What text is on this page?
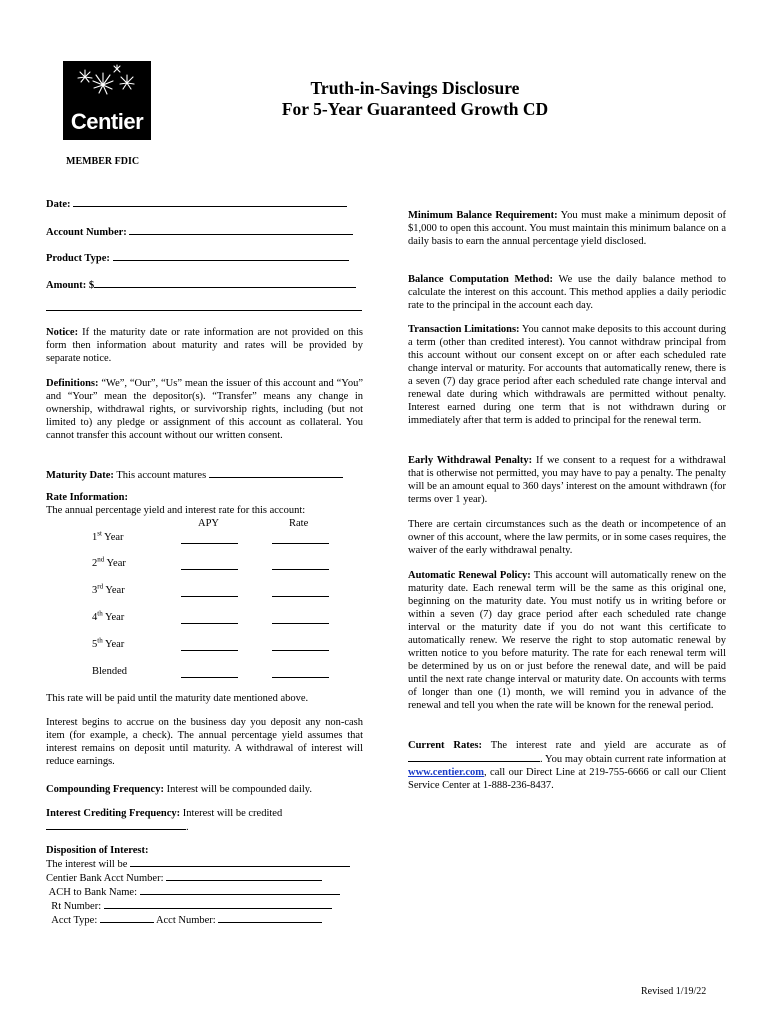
Centier
MEMBER FDIC
Truth-in-Savings Disclosure
For 5-Year Guaranteed Growth CD
Date:
Account Number:
Product Type:
Amount: $

Notice: If the maturity date or rate information are not provided on this form then information about maturity and rates will be provided by separate notice.

Definitions: “We”, “Our”, “Us” mean the issuer of this account and “You” and “Your” mean the depositor(s). “Transfer” means any change in ownership, withdrawal rights, or survivorship rights, including (but not limited to) any pledge or assignment of this account as collateral. You cannot transfer this account without our written consent.

Maturity Date: This account matures
Rate Information:
The annual percentage yield and interest rate for this account:
APY	Rate
1st Year
2nd Year
3rd Year
4th Year
5th Year
Blended

This rate will be paid until the maturity date mentioned above.

Interest begins to accrue on the business day you deposit any non-cash item (for example, a check). The annual percentage yield assumes that interest remains on deposit until maturity. A withdrawal of interest will reduce earnings.

Compounding Frequency: Interest will be compounded daily.
Interest Crediting Frequency: Interest will be credited
.
Disposition of Interest:
The interest will be
Centier Bank Acct Number:
ACH to Bank Name:
Rt Number:
Acct Type:	Acct Number:

Minimum Balance Requirement: You must make a minimum deposit of $1,000 to open this account. You must maintain this minimum balance on a daily basis to earn the annual percentage yield disclosed.

Balance Computation Method: We use the daily balance method to calculate the interest on this account. This method applies a daily periodic rate to the principal in the account each day.

Transaction Limitations: You cannot make deposits to this account during a term (other than credited interest). You cannot withdraw principal from this account without our consent except on or after each scheduled rate change interval or maturity. For accounts that automatically renew, there is a seven (7) day grace period after each scheduled rate change interval and renewal date during which withdrawals are permitted without penalty. Interest earned during one term that is not withdrawn during or immediately after that term is added to principal for the renewal term.

Early Withdrawal Penalty: If we consent to a request for a withdrawal that is otherwise not permitted, you may have to pay a penalty. The penalty will be an amount equal to 360 days’ interest on the amount withdrawn (for terms over 1 year).

There are certain circumstances such as the death or incompetence of an owner of this account, where the law permits, or in some cases requires, the waiver of the early withdrawal penalty.

Automatic Renewal Policy: This account will automatically renew on the maturity date. Each renewal term will be the same as this original one, beginning on the maturity date. You must notify us in writing before or within a seven (7) day grace period after each scheduled rate change interval or the maturity date if you do not want this certificate to automatically renew. We reserve the right to stop automatic renewal by written notice to you before maturity. The rate for each renewal term will be determined by us on or just before the renewal date, and will be paid until the next rate change interval or maturity date. On accounts with terms of longer than one (1) month, we will remind you in advance of the renewal and tell you when the rate will be known for the renewal period.

Current Rates: The interest rate and yield are accurate as of . You may obtain current rate information at www.centier.com, call our Direct Line at 219-755-6666 or call our Client Service Center at 1-888-236-8437.

Revised 1/19/22
